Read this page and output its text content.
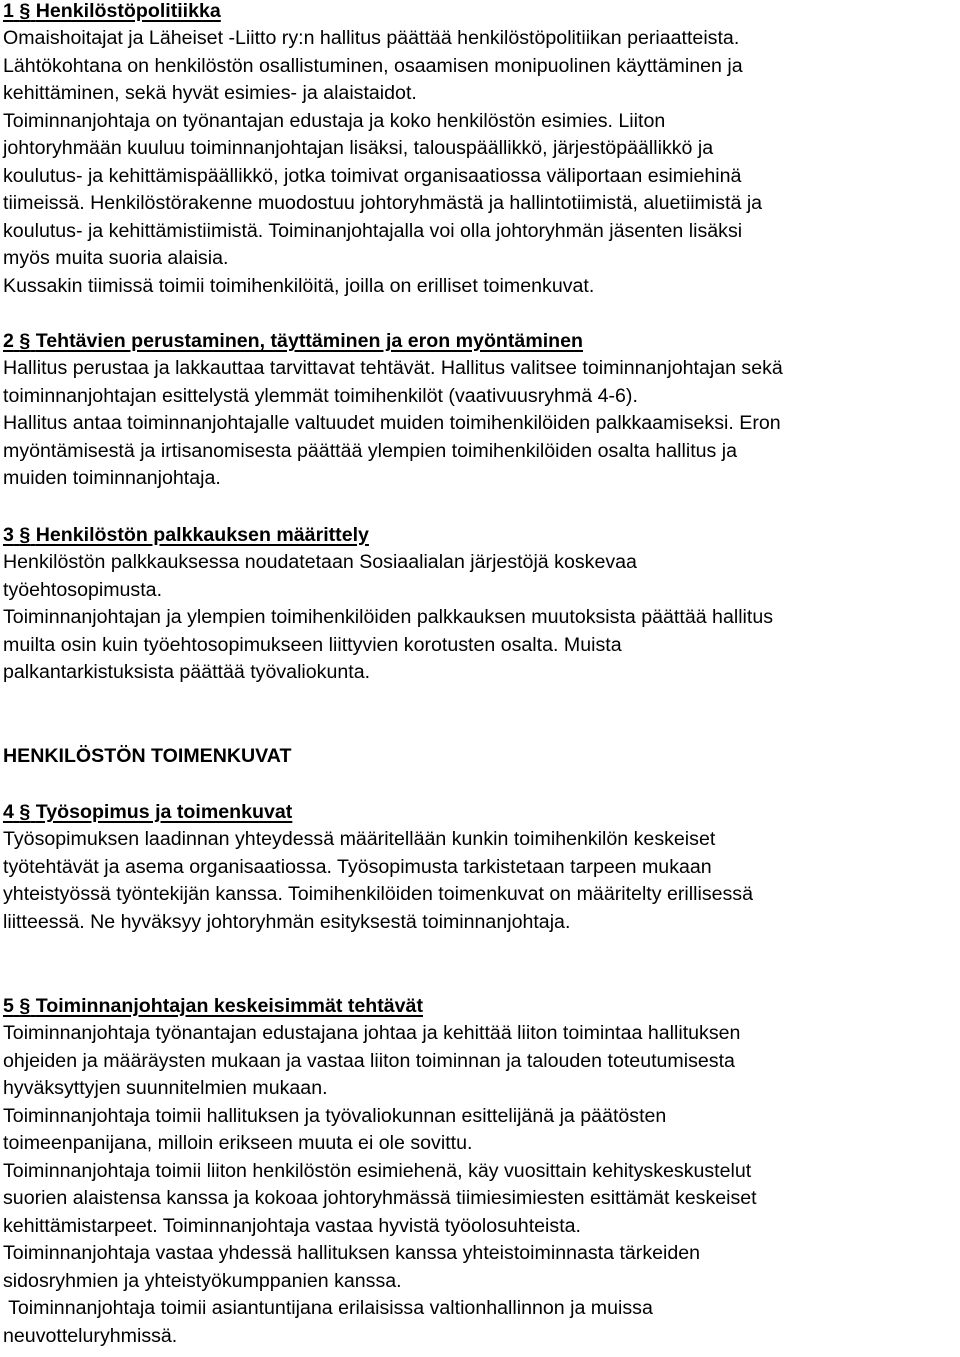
1 § Henkilöstöpolitiikka
Omaishoitajat ja Läheiset -Liitto ry:n hallitus päättää henkilöstöpolitiikan periaatteista.
Lähtökohtana on henkilöstön osallistuminen, osaamisen monipuolinen käyttäminen ja
kehittäminen, sekä hyvät esimies- ja alaistaidot.
Toiminnanjohtaja on työnantajan edustaja ja koko henkilöstön esimies. Liiton
johtoryhmään kuuluu toiminnanjohtajan lisäksi, talouspäällikkö, järjestöpäällikkö ja
koulutus- ja kehittämispäällikkö, jotka toimivat organisaatiossa väliportaan esimiehinä
tiimeissä. Henkilöstörakenne muodostuu johtoryhmästä ja hallintotiimistä, aluetiimistä ja
koulutus- ja kehittämistiimistä. Toiminanjohtajalla voi olla johtoryhmän jäsenten lisäksi
myös muita suoria alaisia.
Kussakin tiimissä toimii toimihenkilöitä, joilla on erilliset toimenkuvat.
2 § Tehtävien perustaminen, täyttäminen ja eron myöntäminen
Hallitus perustaa ja lakkauttaa tarvittavat tehtävät. Hallitus valitsee toiminnanjohtajan sekä
toiminnanjohtajan esittelystä ylemmät toimihenkilöt (vaativuusryhmä 4-6).
Hallitus antaa toiminnanjohtajalle valtuudet muiden toimihenkilöiden palkkaamiseksi. Eron
myöntämisestä ja irtisanomisesta päättää ylempien toimihenkilöiden osalta hallitus ja
muiden toiminnanjohtaja.
3 § Henkilöstön palkkauksen määrittely
Henkilöstön palkkauksessa noudatetaan Sosiaalialan järjestöjä koskevaa
työehtosopimusta.
Toiminnanjohtajan ja ylempien toimihenkilöiden palkkauksen muutoksista päättää hallitus
muilta osin kuin työehtosopimukseen liittyvien korotusten osalta. Muista
palkantarkistuksista päättää työvaliokunta.
HENKILÖSTÖN TOIMENKUVAT
4 § Työsopimus ja toimenkuvat
Työsopimuksen laadinnan yhteydessä määritellään kunkin toimihenkilön keskeiset
työtehtävät ja asema organisaatiossa. Työsopimusta tarkistetaan tarpeen mukaan
yhteistyössä työntekijän kanssa. Toimihenkilöiden toimenkuvat on määritelty erillisessä
liitteessä. Ne hyväksyy johtoryhmän esityksestä toiminnanjohtaja.
5 § Toiminnanjohtajan keskeisimmät tehtävät
Toiminnanjohtaja työnantajan edustajana johtaa ja kehittää liiton toimintaa hallituksen
ohjeiden ja määräysten mukaan ja vastaa liiton toiminnan ja talouden toteutumisesta
hyväksyttyjen suunnitelmien mukaan.
Toiminnanjohtaja toimii hallituksen ja työvaliokunnan esittelijänä ja päätösten
toimeenpanijana, milloin erikseen muuta ei ole sovittu.
Toiminnanjohtaja toimii liiton henkilöstön esimiehenä, käy vuosittain kehityskeskustelut
suorien alaistensa kanssa ja kokoaa johtoryhmässä tiimiesimiesten esittämät keskeiset
kehittämistarpeet. Toiminnanjohtaja vastaa hyvistä työolosuhteista.
Toiminnanjohtaja vastaa yhdessä hallituksen kanssa yhteistoiminnasta tärkeiden
sidosryhmien ja yhteistyökumppanien kanssa.
Toiminnanjohtaja toimii asiantuntijana erilaisissa valtionhallinnon ja muissa
neuvotteluryhmissä.
